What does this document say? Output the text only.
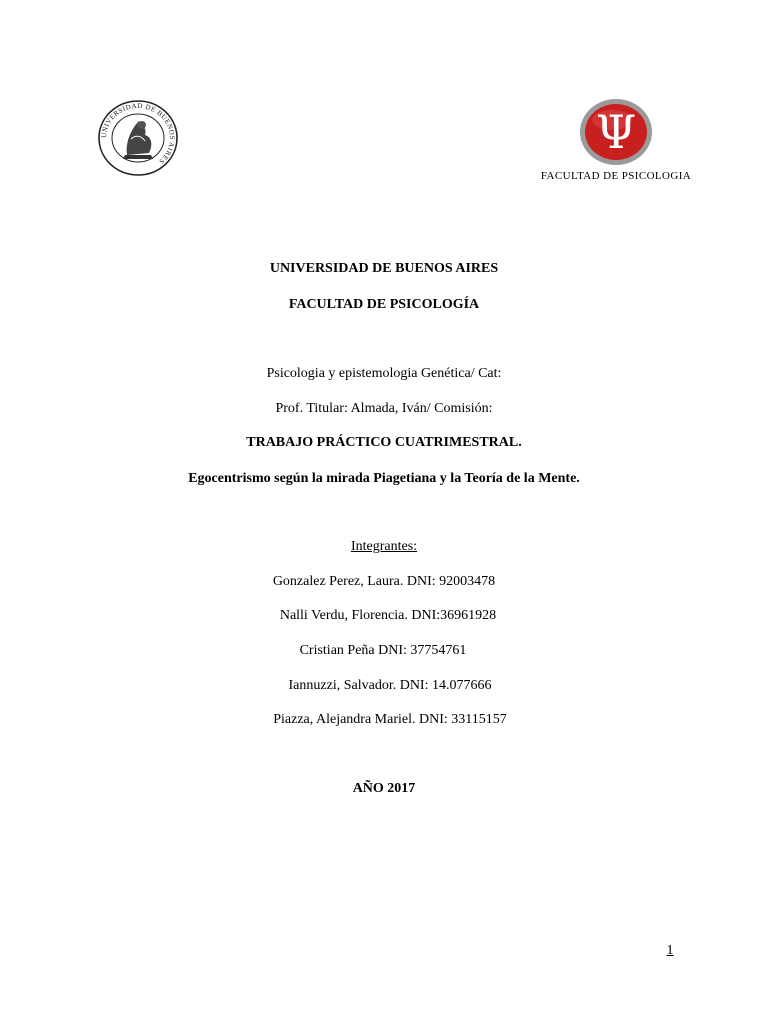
UNIVERSIDAD DE BUENOS AIRES
Ψ
FACULTAD DE PSICOLOGIA
UNIVERSIDAD DE BUENOS AIRES
FACULTAD DE PSICOLOGÍA
Psicologia y epistemologia Genética/ Cat:
Prof. Titular: Almada, Iván/ Comisión:
TRABAJO PRÁCTICO CUATRIMESTRAL.
Egocentrismo según la mirada Piagetiana y la Teoría de la Mente.
Integrantes:
Gonzalez Perez, Laura. DNI: 92003478
Nalli Verdu, Florencia. DNI:36961928
Cristian Peña DNI: 37754761
Iannuzzi, Salvador. DNI: 14.077666
Piazza, Alejandra Mariel. DNI: 33115157
AÑO 2017
1
